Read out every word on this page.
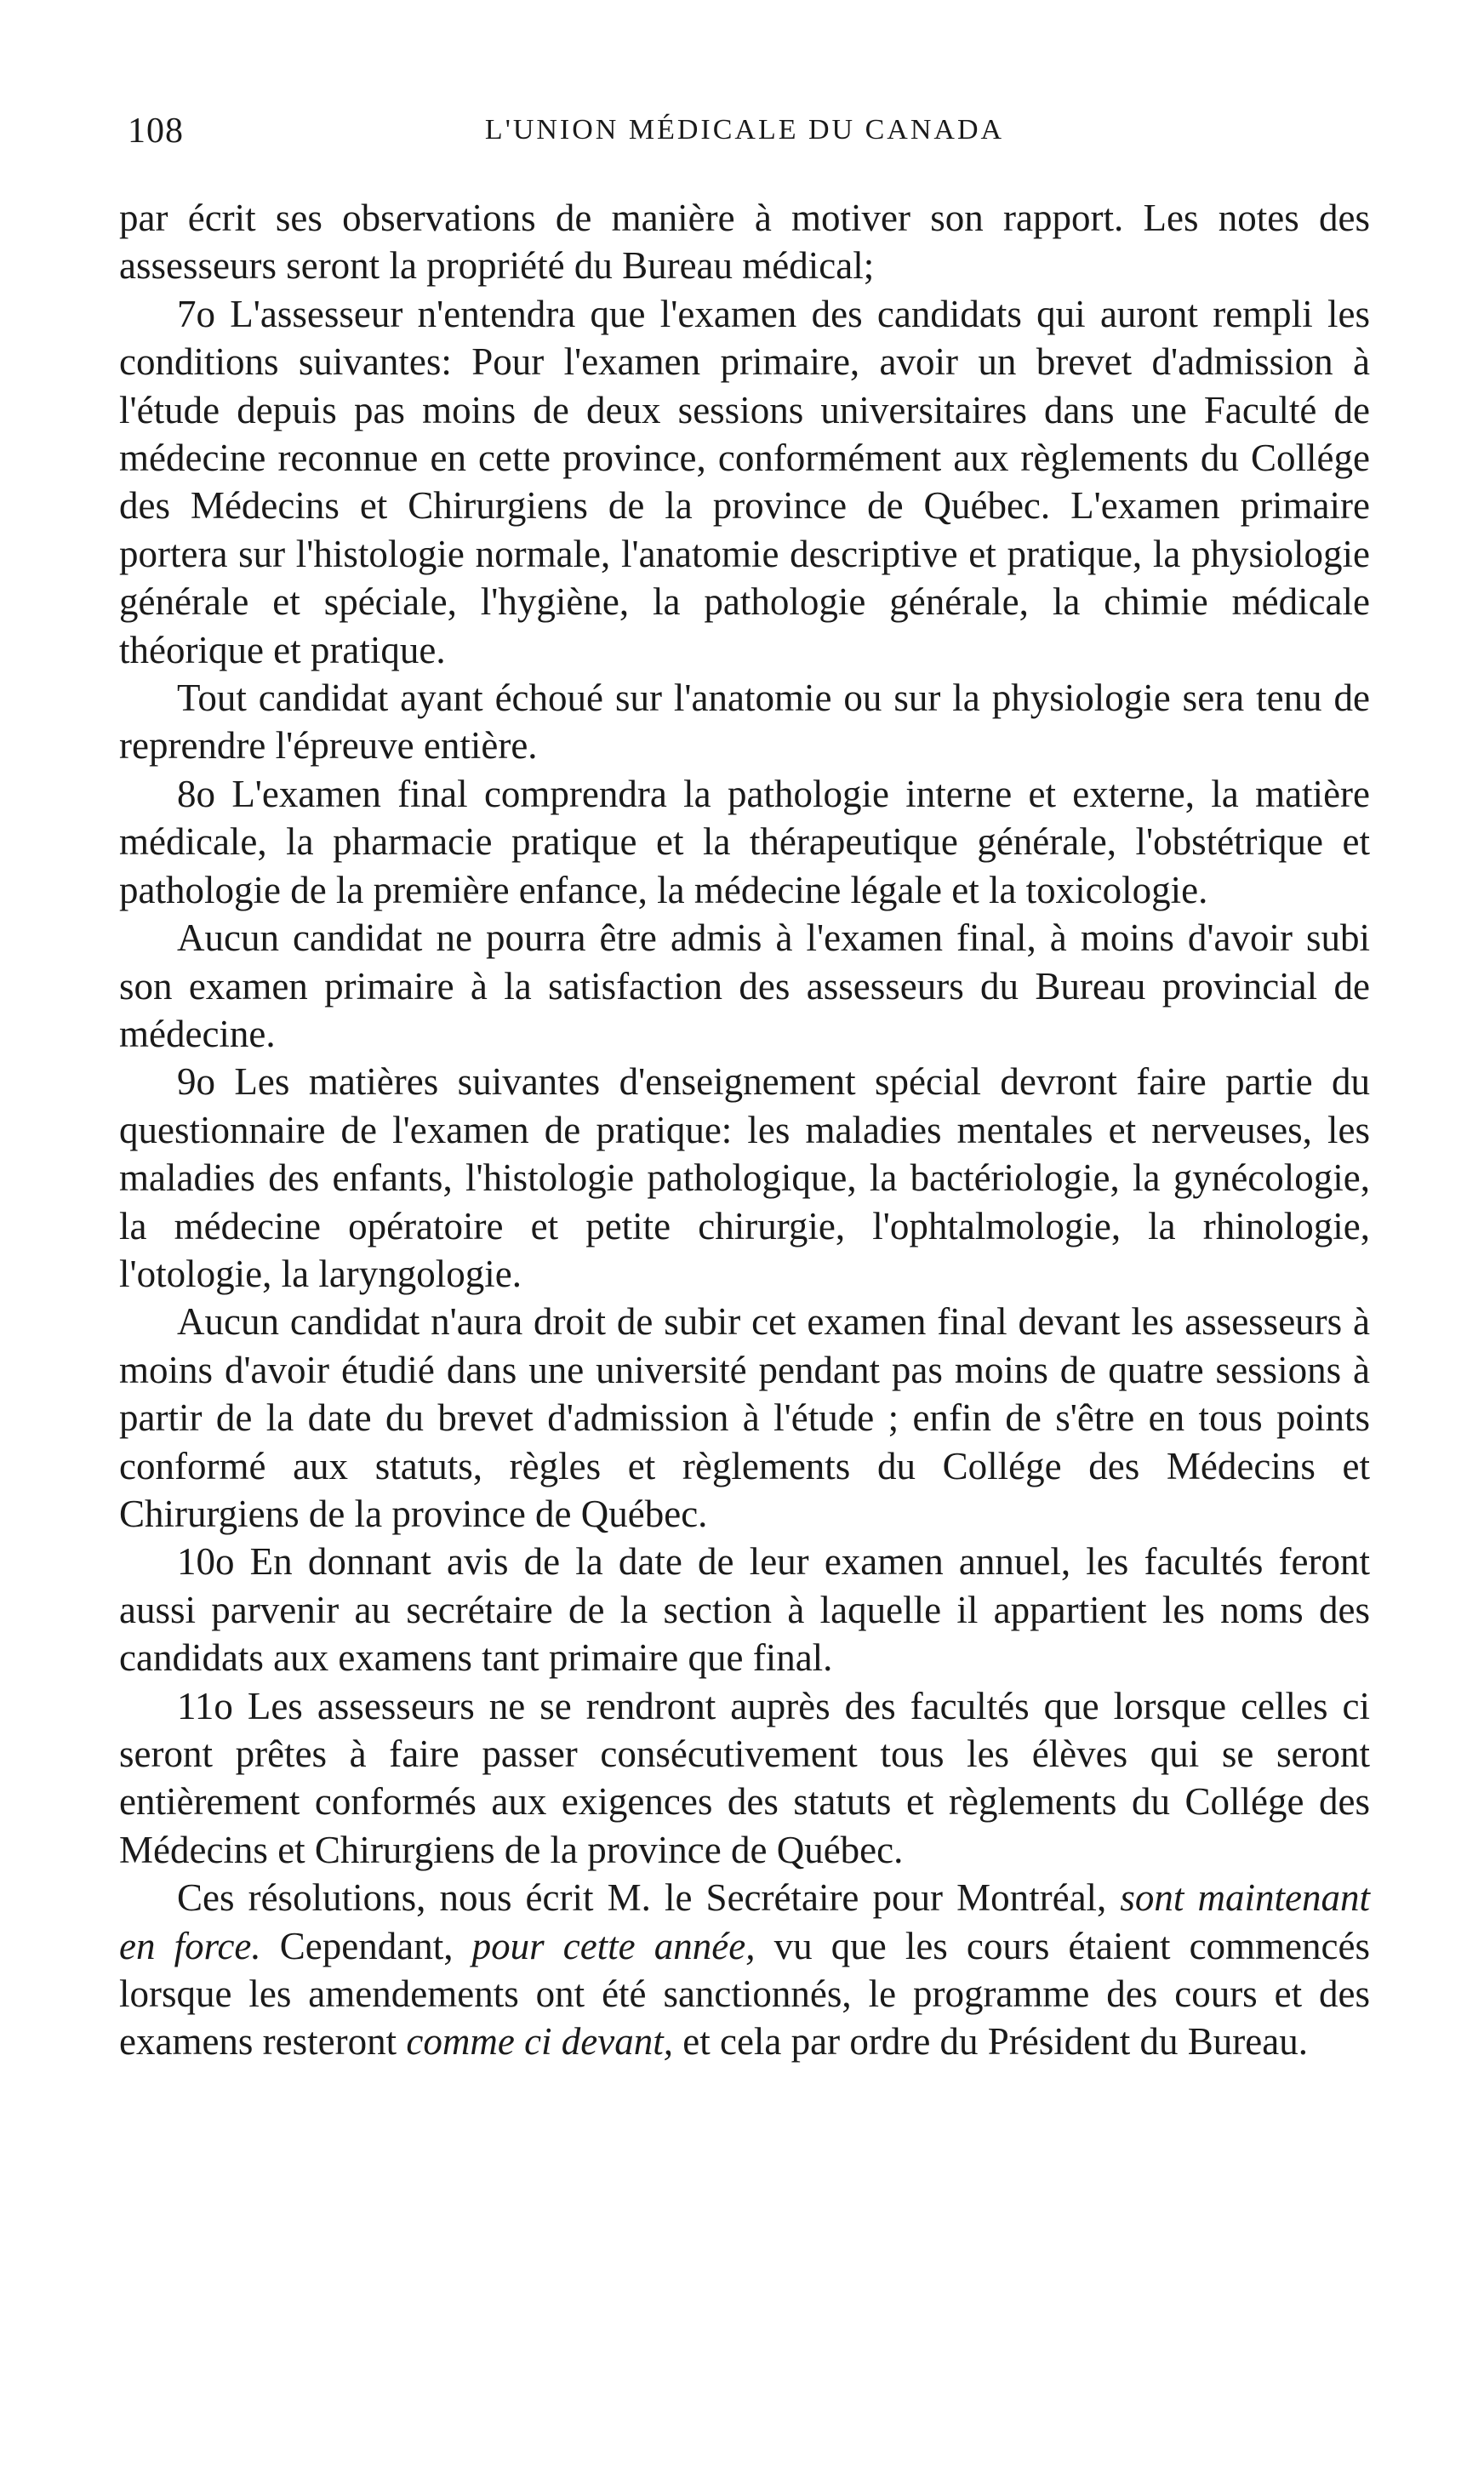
108	L'UNION MÉDICALE DU CANADA

par écrit ses observations de manière à motiver son rapport. Les notes des assesseurs seront la propriété du Bureau médical;

7o L'assesseur n'entendra que l'examen des candidats qui auront rempli les conditions suivantes: Pour l'examen primaire, avoir un brevet d'admission à l'étude depuis pas moins de deux sessions universitaires dans une Faculté de médecine reconnue en cette province, conformément aux règlements du Collége des Médecins et Chirurgiens de la province de Québec. L'examen primaire portera sur l'histologie normale, l'anatomie descriptive et pratique, la physiologie générale et spéciale, l'hygiène, la pathologie générale, la chimie médicale théorique et pratique.

Tout candidat ayant échoué sur l'anatomie ou sur la physiologie sera tenu de reprendre l'épreuve entière.

8o L'examen final comprendra la pathologie interne et externe, la matière médicale, la pharmacie pratique et la thérapeutique générale, l'obstétrique et pathologie de la première enfance, la médecine légale et la toxicologie.

Aucun candidat ne pourra être admis à l'examen final, à moins d'avoir subi son examen primaire à la satisfaction des assesseurs du Bureau provincial de médecine.

9o Les matières suivantes d'enseignement spécial devront faire partie du questionnaire de l'examen de pratique: les maladies mentales et nerveuses, les maladies des enfants, l'histologie pathologique, la bactériologie, la gynécologie, la médecine opératoire et petite chirurgie, l'ophtalmologie, la rhinologie, l'otologie, la laryngologie.

Aucun candidat n'aura droit de subir cet examen final devant les assesseurs à moins d'avoir étudié dans une université pendant pas moins de quatre sessions à partir de la date du brevet d'admission à l'étude ; enfin de s'être en tous points conformé aux statuts, règles et règlements du Collége des Médecins et Chirurgiens de la province de Québec.

10o En donnant avis de la date de leur examen annuel, les facultés feront aussi parvenir au secrétaire de la section à laquelle il appartient les noms des candidats aux examens tant primaire que final.

11o Les assesseurs ne se rendront auprès des facultés que lorsque celles ci seront prêtes à faire passer consécutivement tous les élèves qui se seront entièrement conformés aux exigences des statuts et règlements du Collége des Médecins et Chirurgiens de la province de Québec.

Ces résolutions, nous écrit M. le Secrétaire pour Montréal, sont maintenant en force. Cependant, pour cette année, vu que les cours étaient commencés lorsque les amendements ont été sanctionnés, le programme des cours et des examens resteront comme ci devant, et cela par ordre du Président du Bureau.
